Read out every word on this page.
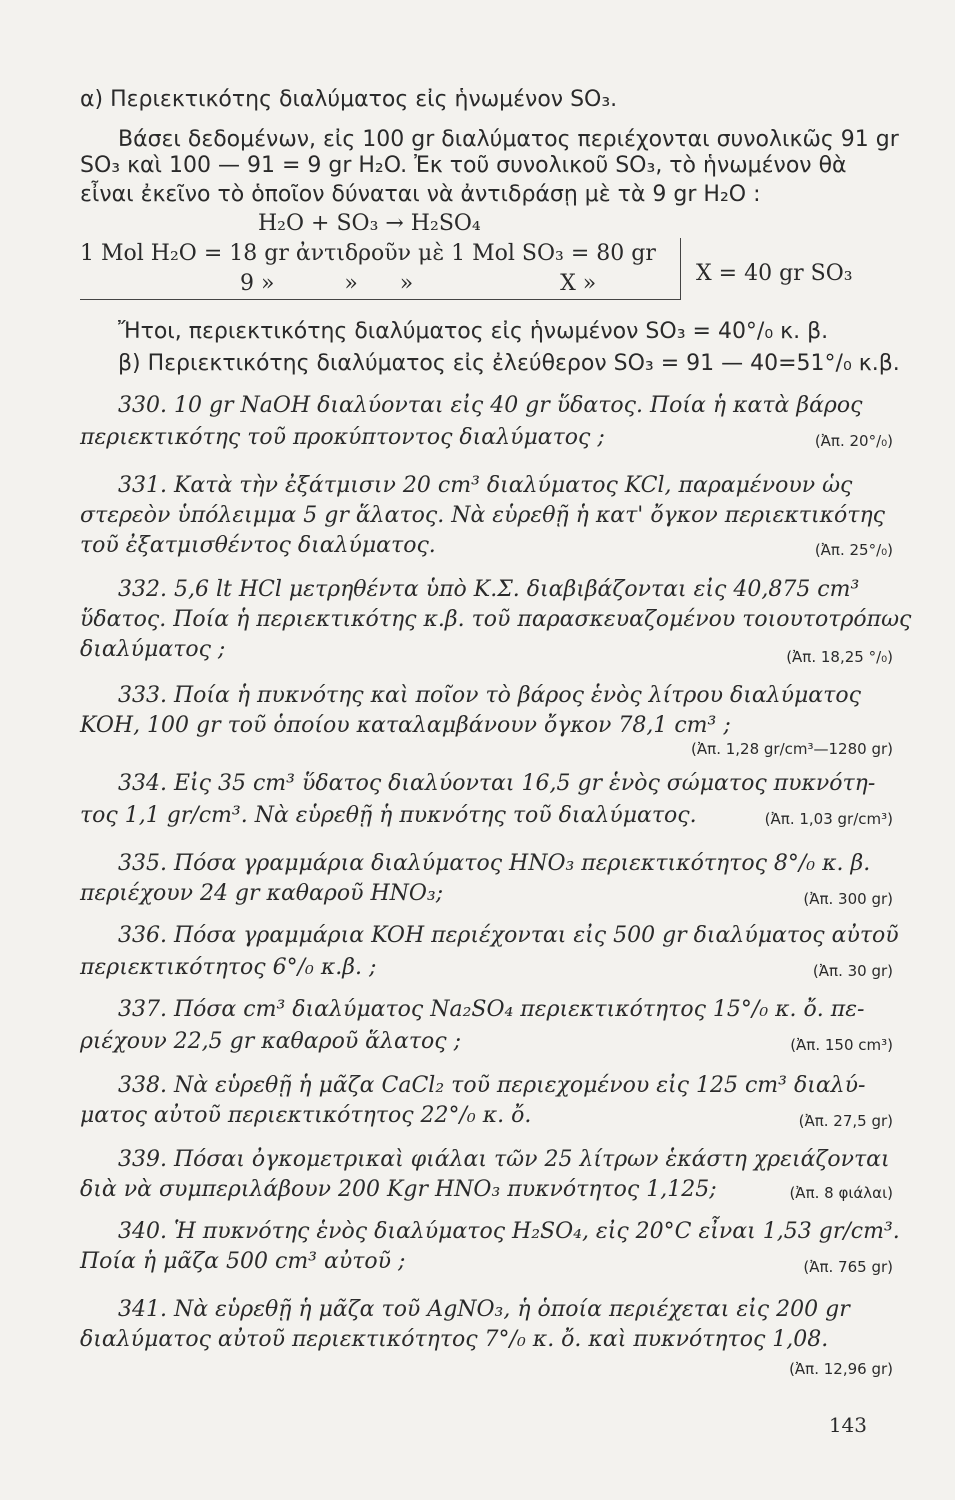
α) Περιεκτικότης διαλύματος εἰς ἡνωμένον SO₃.
Βάσει δεδομένων, εἰς 100 gr διαλύματος περιέχονται συνολικῶς 91 gr
SO₃ καὶ 100 — 91 = 9 gr H₂O. Ἐκ τοῦ συνολικοῦ SO₃, τὸ ἡνωμένον θὰ
εἶναι ἐκεῖνο τὸ ὁποῖον δύναται νὰ ἀντιδράσῃ μὲ τὰ 9 gr H₂O :
H₂O + SO₃ → H₂SO₄
1 Mol H₂O = 18 gr ἀντιδροῦν μὲ 1 Mol SO₃ = 80 gr
9 »          »      »                     X »	X = 40 gr SO₃
Ἤτοι, περιεκτικότης διαλύματος εἰς ἡνωμένον SO₃ = 40°/₀ κ. β.
β) Περιεκτικότης διαλύματος εἰς ἐλεύθερον SO₃ = 91 — 40=51°/₀ κ.β.
330. 10 gr NaOH διαλύονται εἰς 40 gr ὕδατος. Ποία ἡ κατὰ βάρος
περιεκτικότης τοῦ προκύπτοντος διαλύματος ;	(Ἀπ. 20°/₀)
331. Κατὰ τὴν ἐξάτμισιν 20 cm³ διαλύματος KCl, παραμένουν ὡς
στερεὸν ὑπόλειμμα 5 gr ἅλατος. Νὰ εὑρεθῇ ἡ κατ' ὄγκον περιεκτικότης
τοῦ ἐξατμισθέντος διαλύματος.	(Ἀπ. 25°/₀)
332. 5,6 lt HCl μετρηθέντα ὑπὸ Κ.Σ. διαβιβάζονται εἰς 40,875 cm³
ὕδατος. Ποία ἡ περιεκτικότης κ.β. τοῦ παρασκευαζομένου τοιουτοτρόπως
διαλύματος ;	(Ἀπ. 18,25 °/₀)
333. Ποία ἡ πυκνότης καὶ ποῖον τὸ βάρος ἑνὸς λίτρου διαλύματος
KOH, 100 gr τοῦ ὁποίου καταλαμβάνουν ὄγκον 78,1 cm³ ;
(Ἀπ. 1,28 gr/cm³—1280 gr)
334. Εἰς 35 cm³ ὕδατος διαλύονται 16,5 gr ἑνὸς σώματος πυκνότη-
τος 1,1 gr/cm³. Νὰ εὑρεθῇ ἡ πυκνότης τοῦ διαλύματος.	(Ἀπ. 1,03 gr/cm³)
335. Πόσα γραμμάρια διαλύματος HNO₃ περιεκτικότητος 8°/₀ κ. β.
περιέχουν 24 gr καθαροῦ HNO₃;	(Ἀπ. 300 gr)
336. Πόσα γραμμάρια KOH περιέχονται εἰς 500 gr διαλύματος αὐτοῦ
περιεκτικότητος 6°/₀ κ.β. ;	(Ἀπ. 30 gr)
337. Πόσα cm³ διαλύματος Na₂SO₄ περιεκτικότητος 15°/₀ κ. ὄ. πε-
ριέχουν 22,5 gr καθαροῦ ἅλατος ;	(Ἀπ. 150 cm³)
338. Νὰ εὑρεθῇ ἡ μᾶζα CaCl₂ τοῦ περιεχομένου εἰς 125 cm³ διαλύ-
ματος αὐτοῦ περιεκτικότητος 22°/₀ κ. ὄ.	(Ἀπ. 27,5 gr)
339. Πόσαι ὀγκομετρικαὶ φιάλαι τῶν 25 λίτρων ἑκάστη χρειάζονται
διὰ νὰ συμπεριλάβουν 200 Kgr HNO₃ πυκνότητος 1,125;	(Ἀπ. 8 φιάλαι)
340. Ἡ πυκνότης ἑνὸς διαλύματος H₂SO₄, εἰς 20°C εἶναι 1,53 gr/cm³.
Ποία ἡ μᾶζα 500 cm³ αὐτοῦ ;	(Ἀπ. 765 gr)
341. Νὰ εὑρεθῇ ἡ μᾶζα τοῦ AgNO₃, ἡ ὁποία περιέχεται εἰς 200 gr
διαλύματος αὐτοῦ περιεκτικότητος 7°/₀ κ. ὄ. καὶ πυκνότητος 1,08.
(Ἀπ. 12,96 gr)
143
